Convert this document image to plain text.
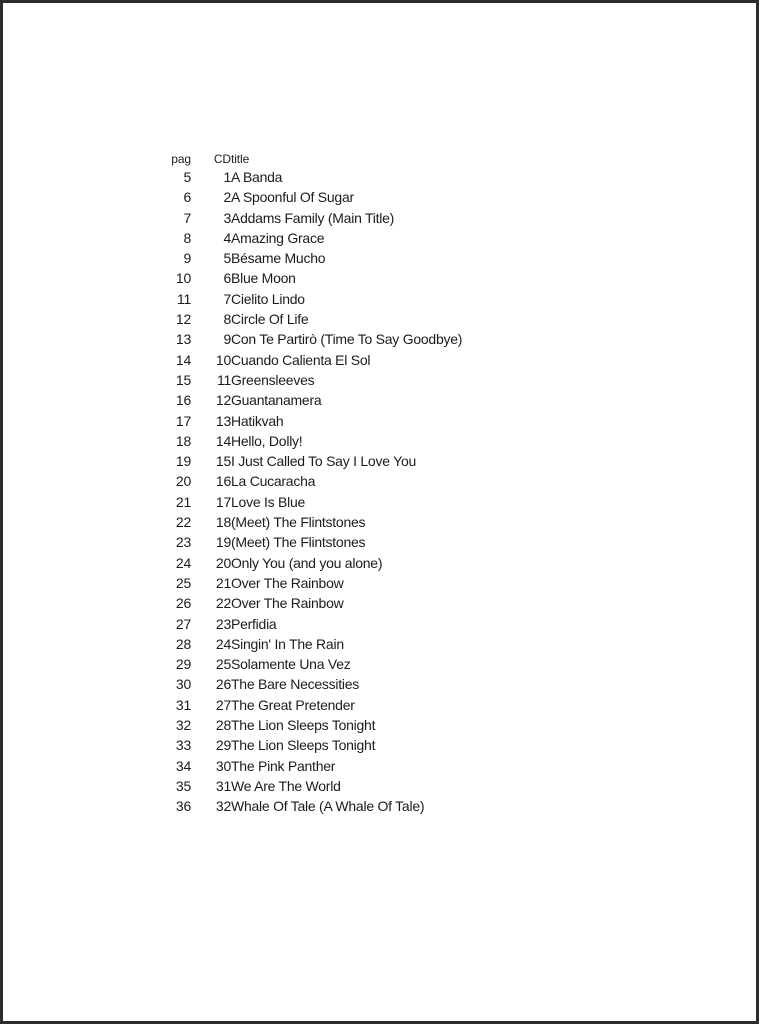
pag	CD	title
5	1	A Banda
6	2	A Spoonful Of Sugar
7	3	Addams Family (Main Title)
8	4	Amazing Grace
9	5	Bésame Mucho
10	6	Blue Moon
11	7	Cielito Lindo
12	8	Circle Of Life
13	9	Con Te Partirò (Time To Say Goodbye)
14	10	Cuando Calienta El Sol
15	11	Greensleeves
16	12	Guantanamera
17	13	Hatikvah
18	14	Hello, Dolly!
19	15	I Just Called To Say I Love You
20	16	La Cucaracha
21	17	Love Is Blue
22	18	(Meet) The Flintstones
23	19	(Meet) The Flintstones
24	20	Only You (and you alone)
25	21	Over The Rainbow
26	22	Over The Rainbow
27	23	Perfidia
28	24	Singin' In The Rain
29	25	Solamente Una Vez
30	26	The Bare Necessities
31	27	The Great Pretender
32	28	The Lion Sleeps Tonight
33	29	The Lion Sleeps Tonight
34	30	The Pink Panther
35	31	We Are The World
36	32	Whale Of Tale (A Whale Of Tale)
